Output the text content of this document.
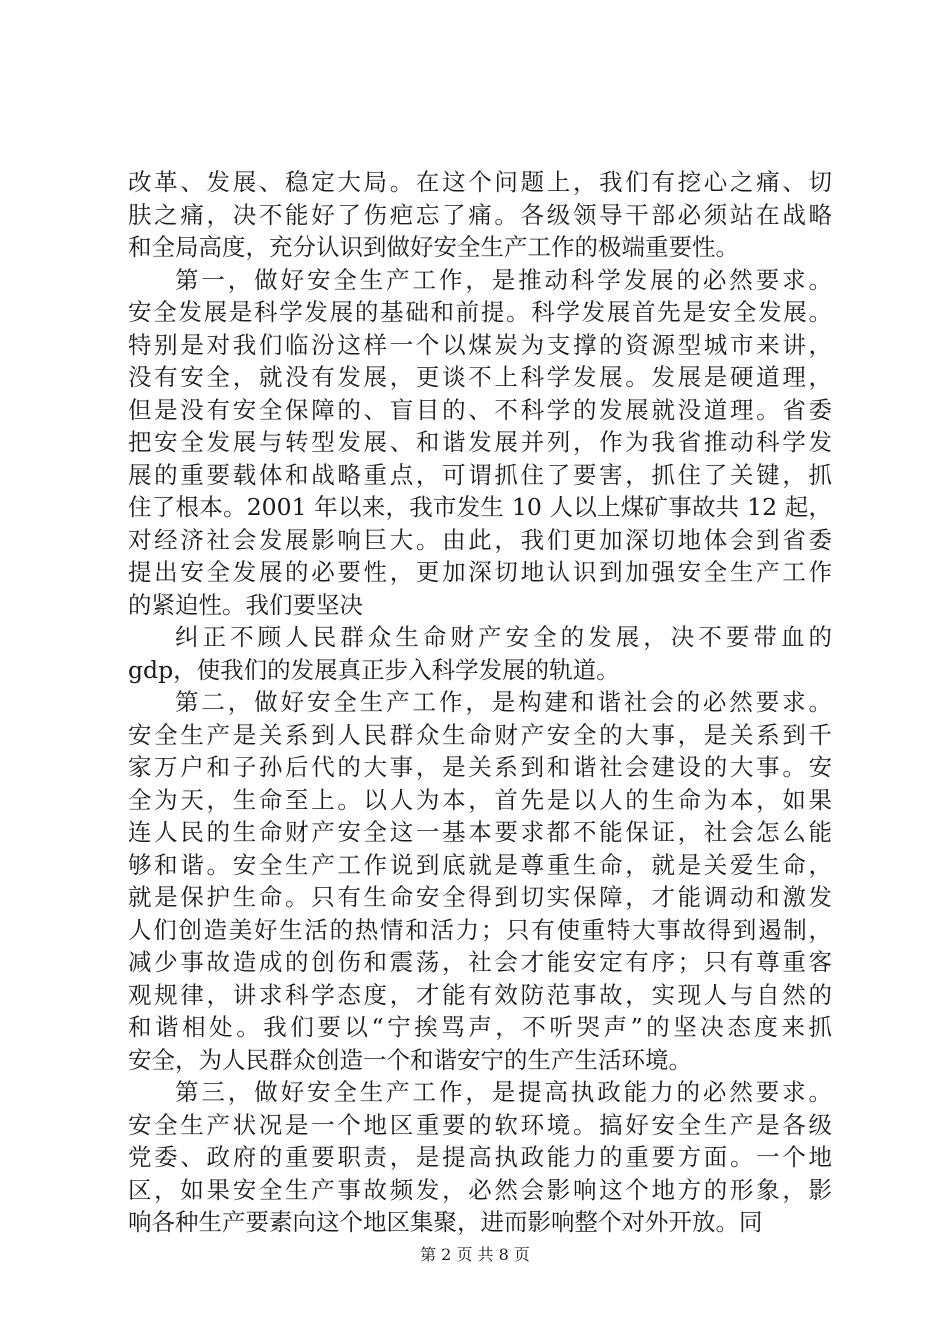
改革、发展、稳定大局。在这个问题上，我们有挖心之痛、切
肤之痛，决不能好了伤疤忘了痛。各级领导干部必须站在战略
和全局高度，充分认识到做好安全生产工作的极端重要性。
第一，做好安全生产工作，是推动科学发展的必然要求。
安全发展是科学发展的基础和前提。科学发展首先是安全发展。
特别是对我们临汾这样一个以煤炭为支撑的资源型城市来讲，
没有安全，就没有发展，更谈不上科学发展。发展是硬道理，
但是没有安全保障的、盲目的、不科学的发展就没道理。省委
把安全发展与转型发展、和谐发展并列，作为我省推动科学发
展的重要载体和战略重点，可谓抓住了要害，抓住了关键，抓
住了根本。2001 年以来，我市发生 10 人以上煤矿事故共 12 起，
对经济社会发展影响巨大。由此，我们更加深切地体会到省委
提出安全发展的必要性，更加深切地认识到加强安全生产工作
的紧迫性。我们要坚决
纠正不顾人民群众生命财产安全的发展，决不要带血的
gdp，使我们的发展真正步入科学发展的轨道。
第二，做好安全生产工作，是构建和谐社会的必然要求。
安全生产是关系到人民群众生命财产安全的大事，是关系到千
家万户和子孙后代的大事，是关系到和谐社会建设的大事。安
全为天，生命至上。以人为本，首先是以人的生命为本，如果
连人民的生命财产安全这一基本要求都不能保证，社会怎么能
够和谐。安全生产工作说到底就是尊重生命，就是关爱生命，
就是保护生命。只有生命安全得到切实保障，才能调动和激发
人们创造美好生活的热情和活力；只有使重特大事故得到遏制，
减少事故造成的创伤和震荡，社会才能安定有序；只有尊重客
观规律，讲求科学态度，才能有效防范事故，实现人与自然的
和谐相处。我们要以“宁挨骂声，不听哭声”的坚决态度来抓
安全，为人民群众创造一个和谐安宁的生产生活环境。
第三，做好安全生产工作，是提高执政能力的必然要求。
安全生产状况是一个地区重要的软环境。搞好安全生产是各级
党委、政府的重要职责，是提高执政能力的重要方面。一个地
区，如果安全生产事故频发，必然会影响这个地方的形象，影
响各种生产要素向这个地区集聚，进而影响整个对外开放。同
第 2 页 共 8 页
